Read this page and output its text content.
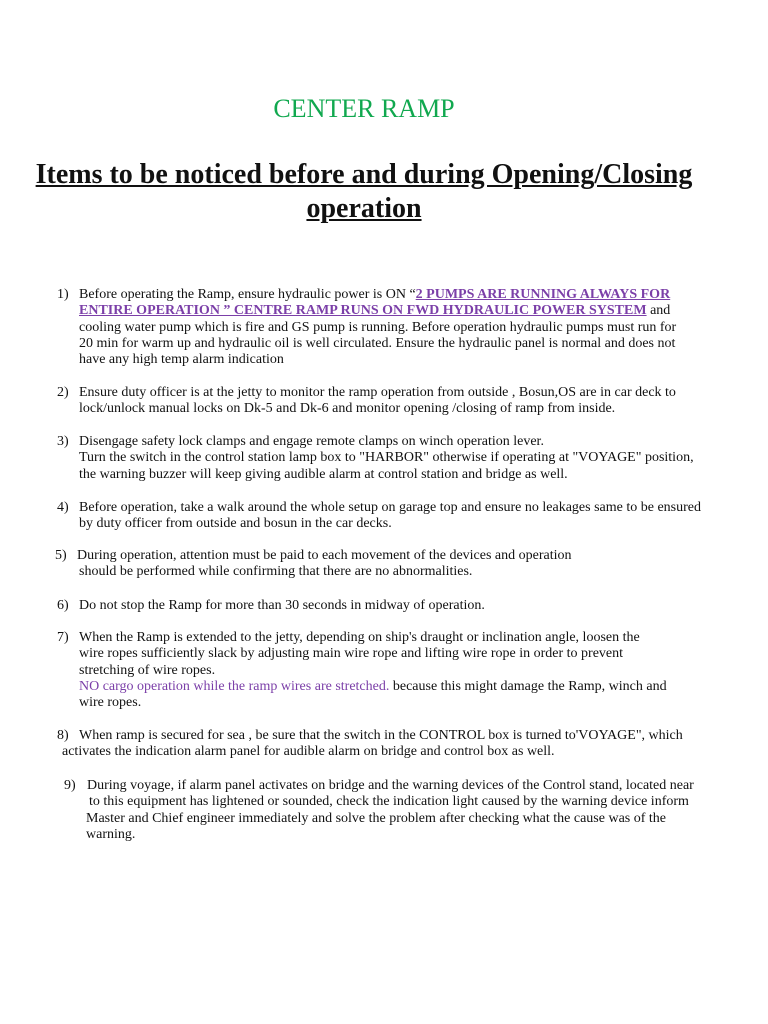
CENTER RAMP
Items to be noticed before and during Opening/Closing
operation
1) Before operating the Ramp, ensure hydraulic power is ON “2 PUMPS ARE RUNNING ALWAYS FOR ENTIRE OPERATION ” CENTRE RAMP RUNS ON FWD HYDRAULIC POWER SYSTEM and cooling water pump which is fire and GS pump is running. Before operation hydraulic pumps must run for 20 min for warm up and hydraulic oil is well circulated. Ensure the hydraulic panel is normal and does not have any high temp alarm indication

2) Ensure duty officer is at the jetty to monitor the ramp operation from outside , Bosun,OS are in car deck to lock/unlock manual locks on Dk-5 and Dk-6 and monitor opening /closing of ramp from inside.

3) Disengage safety lock clamps and engage remote clamps on winch operation lever.

Turn the switch in the control station lamp box to "HARBOR" otherwise if operating at "VOYAGE" position, the warning buzzer will keep giving audible alarm at control station and bridge as well.

4) Before operation, take a walk around the whole setup on garage top and ensure no leakages same to be ensured by duty officer from outside and bosun in the car decks.

5) During operation, attention must be paid to each movement of the devices and operation

should be performed while confirming that there are no abnormalities.

6) Do not stop the Ramp for more than 30 seconds in midway of operation.

7) When the Ramp is extended to the jetty, depending on ship's draught or inclination angle, loosen the

wire ropes sufficiently slack by adjusting main wire rope and lifting wire rope in order to prevent

stretching of wire ropes.

NO cargo operation while the ramp wires are stretched. because this might damage the Ramp, winch and wire ropes.

8) When ramp is secured for sea , be sure that the switch in the CONTROL box is turned to'VOYAGE", which

activates the indication alarm panel for audible alarm on bridge and control box as well.

9) During voyage, if alarm panel activates on bridge and the warning devices of the Control stand, located near

to this equipment has lightened or sounded, check the indication light caused by the warning device inform

Master and Chief engineer immediately and solve the problem after checking what the cause was of the

warning.
